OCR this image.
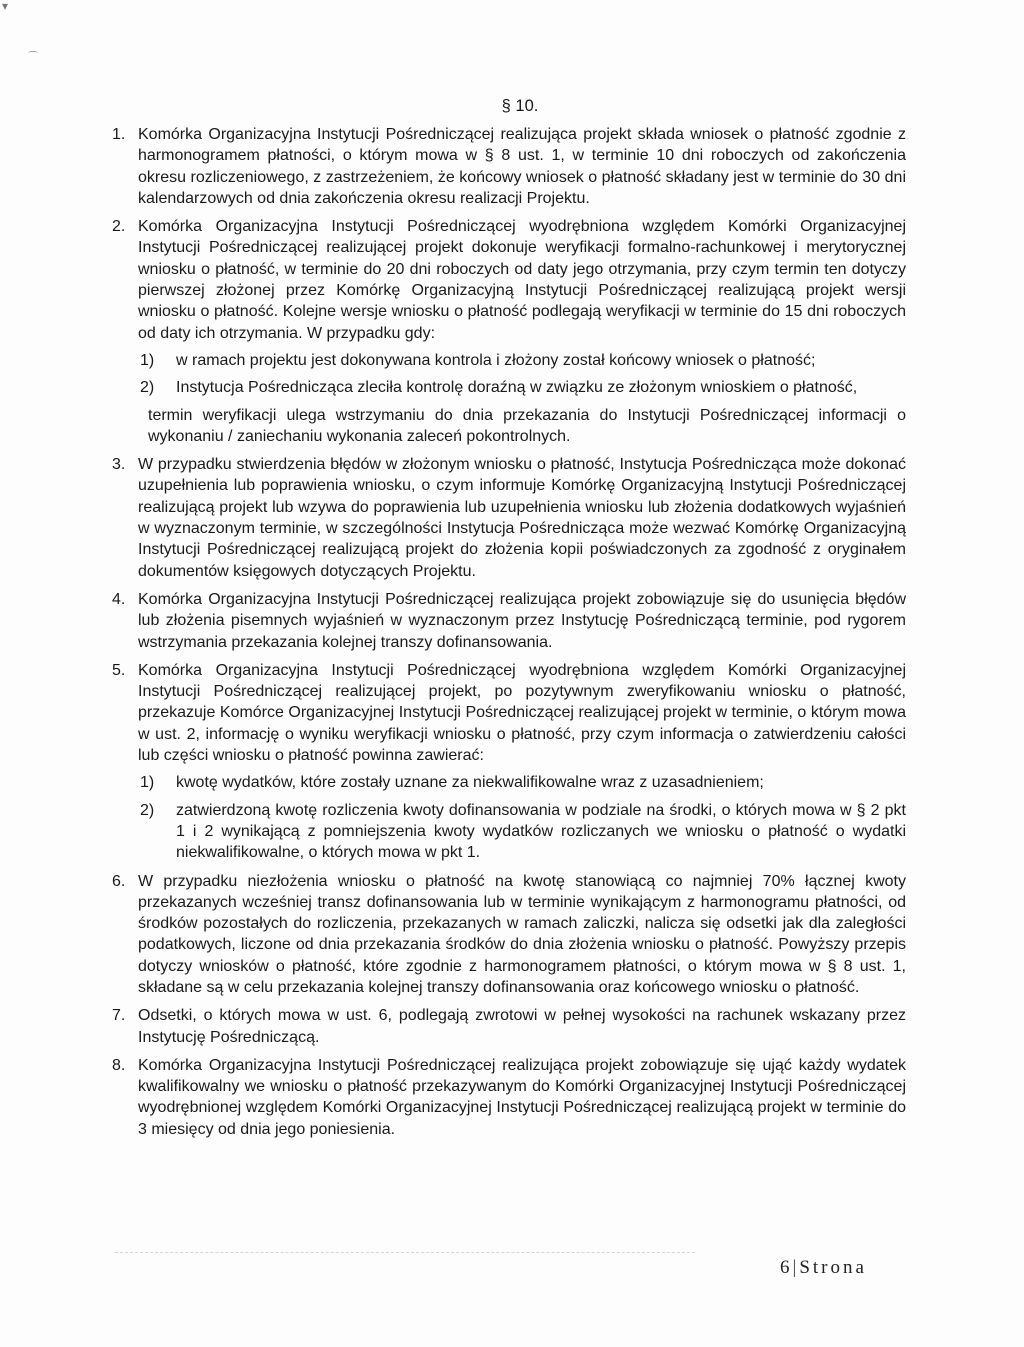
▾
⌒
§ 10.
1. Komórka Organizacyjna Instytucji Pośredniczącej realizująca projekt składa wniosek o płatność zgodnie z harmonogramem płatności, o którym mowa w § 8 ust. 1, w terminie 10 dni roboczych od zakończenia okresu rozliczeniowego, z zastrzeżeniem, że końcowy wniosek o płatność składany jest w terminie do 30 dni kalendarzowych od dnia zakończenia okresu realizacji Projektu.
2. Komórka Organizacyjna Instytucji Pośredniczącej wyodrębniona względem Komórki Organizacyjnej Instytucji Pośredniczącej realizującej projekt dokonuje weryfikacji formalno-rachunkowej i merytorycznej wniosku o płatność, w terminie do 20 dni roboczych od daty jego otrzymania, przy czym termin ten dotyczy pierwszej złożonej przez Komórkę Organizacyjną Instytucji Pośredniczącej realizującą projekt wersji wniosku o płatność. Kolejne wersje wniosku o płatność podlegają weryfikacji w terminie do 15 dni roboczych od daty ich otrzymania. W przypadku gdy:
1) w ramach projektu jest dokonywana kontrola i złożony został końcowy wniosek o płatność;
2) Instytucja Pośrednicząca zleciła kontrolę doraźną w związku ze złożonym wnioskiem o płatność,
termin weryfikacji ulega wstrzymaniu do dnia przekazania do Instytucji Pośredniczącej informacji o wykonaniu / zaniechaniu wykonania zaleceń pokontrolnych.
3. W przypadku stwierdzenia błędów w złożonym wniosku o płatność, Instytucja Pośrednicząca może dokonać uzupełnienia lub poprawienia wniosku, o czym informuje Komórkę Organizacyjną Instytucji Pośredniczącej realizującą projekt lub wzywa do poprawienia lub uzupełnienia wniosku lub złożenia dodatkowych wyjaśnień w wyznaczonym terminie, w szczególności Instytucja Pośrednicząca może wezwać Komórkę Organizacyjną Instytucji Pośredniczącej realizującą projekt do złożenia kopii poświadczonych za zgodność z oryginałem dokumentów księgowych dotyczących Projektu.
4. Komórka Organizacyjna Instytucji Pośredniczącej realizująca projekt zobowiązuje się do usunięcia błędów lub złożenia pisemnych wyjaśnień w wyznaczonym przez Instytucję Pośredniczącą terminie, pod rygorem wstrzymania przekazania kolejnej transzy dofinansowania.
5. Komórka Organizacyjna Instytucji Pośredniczącej wyodrębniona względem Komórki Organizacyjnej Instytucji Pośredniczącej realizującej projekt, po pozytywnym zweryfikowaniu wniosku o płatność, przekazuje Komórce Organizacyjnej Instytucji Pośredniczącej realizującej projekt w terminie, o którym mowa w ust. 2, informację o wyniku weryfikacji wniosku o płatność, przy czym informacja o zatwierdzeniu całości lub części wniosku o płatność powinna zawierać:
1) kwotę wydatków, które zostały uznane za niekwalifikowalne wraz z uzasadnieniem;
2) zatwierdzoną kwotę rozliczenia kwoty dofinansowania w podziale na środki, o których mowa w § 2 pkt 1 i 2 wynikającą z pomniejszenia kwoty wydatków rozliczanych we wniosku o płatność o wydatki niekwalifikowalne, o których mowa w pkt 1.
6. W przypadku niezłożenia wniosku o płatność na kwotę stanowiącą co najmniej 70% łącznej kwoty przekazanych wcześniej transz dofinansowania lub w terminie wynikającym z harmonogramu płatności, od środków pozostałych do rozliczenia, przekazanych w ramach zaliczki, nalicza się odsetki jak dla zaległości podatkowych, liczone od dnia przekazania środków do dnia złożenia wniosku o płatność. Powyższy przepis dotyczy wniosków o płatność, które zgodnie z harmonogramem płatności, o którym mowa w § 8 ust. 1, składane są w celu przekazania kolejnej transzy dofinansowania oraz końcowego wniosku o płatność.
7. Odsetki, o których mowa w ust. 6, podlegają zwrotowi w pełnej wysokości na rachunek wskazany przez Instytucję Pośredniczącą.
8. Komórka Organizacyjna Instytucji Pośredniczącej realizująca projekt zobowiązuje się ująć każdy wydatek kwalifikowalny we wniosku o płatność przekazywanym do Komórki Organizacyjnej Instytucji Pośredniczącej wyodrębnionej względem Komórki Organizacyjnej Instytucji Pośredniczącej realizującą projekt w terminie do 3 miesięcy od dnia jego poniesienia.
6|Strona
